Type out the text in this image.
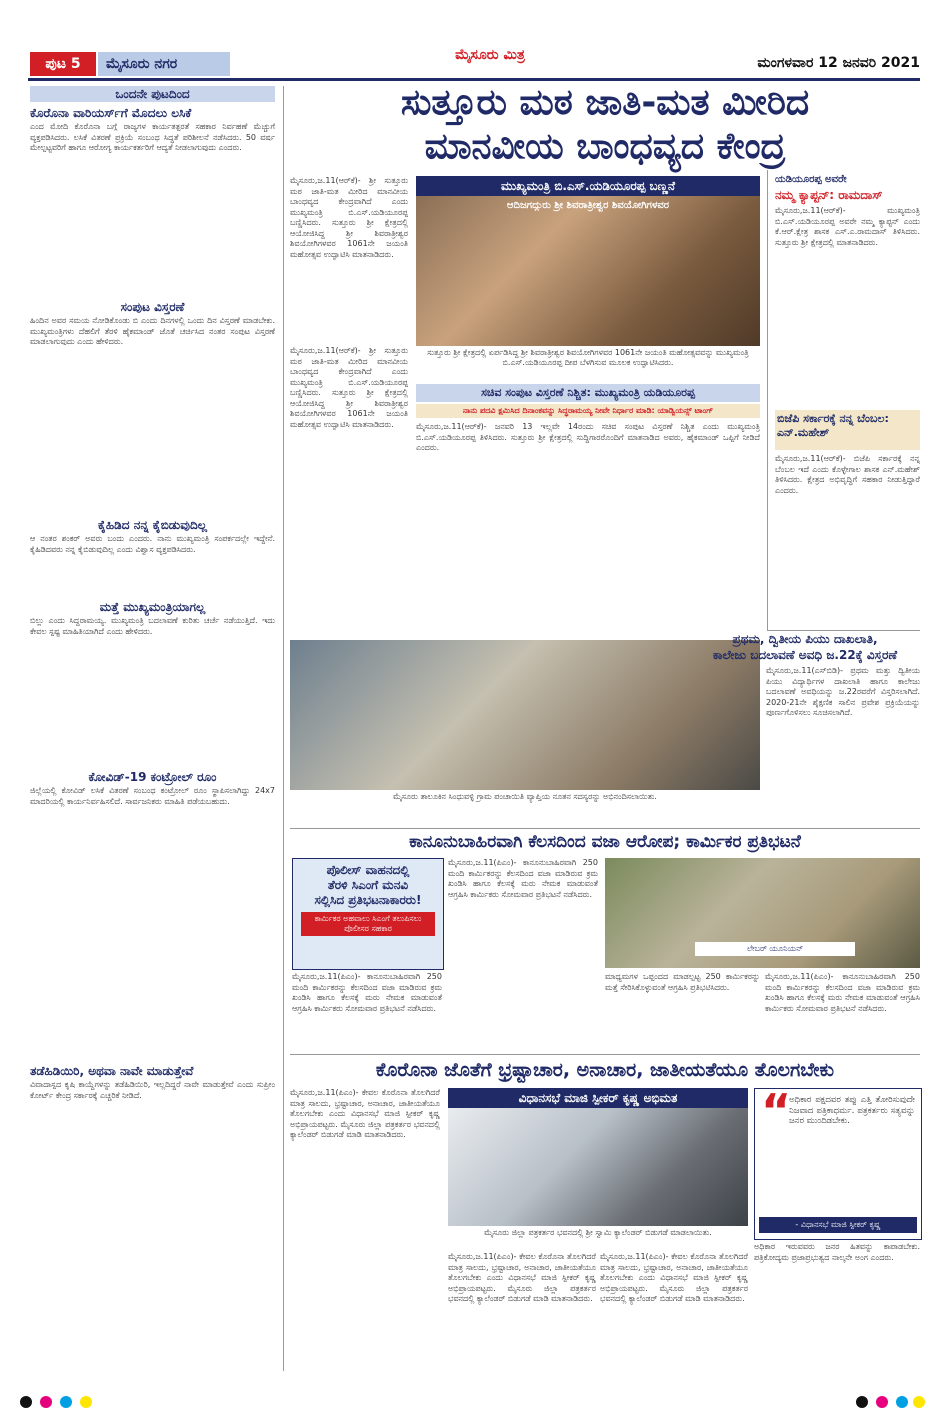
ಪುಟ 5	ಮೈಸೂರು ನಗರ
ಮೈಸೂರು ಮಿತ್ರ	ಮಂಗಳವಾರ 12 ಜನವರಿ 2021
ಒಂದನೇ ಪುಟದಿಂದ
ಕೊರೊನಾ ವಾರಿಯರ್ಸ್‌ಗೆ ಮೊದಲು ಲಸಿಕೆ
ಎಂದ ಮೋದಿ ಕೊರೊನಾ ಬಗ್ಗೆ ರಾಜ್ಯಗಳ ಕಾರ್ಯತತ್ಪರತೆ ಸಹಕಾರ ನಿರ್ವಹಣೆ ಮೆಚ್ಚುಗೆ ವ್ಯಕ್ತಪಡಿಸಿದರು. ಲಸಿಕೆ ವಿತರಣೆ ಪ್ರಕ್ರಿಯೆ ಸಂಬಂಧ ಸಿದ್ಧತೆ ಪರಿಶೀಲನೆ ನಡೆಸಿದರು. 50 ವರ್ಷ ಮೇಲ್ಪಟ್ಟವರಿಗೆ ಹಾಗೂ ಆರೋಗ್ಯ ಕಾರ್ಯಕರ್ತರಿಗೆ ಆದ್ಯತೆ ನೀಡಲಾಗುವುದು ಎಂದರು.
ಸಂಪುಟ ವಿಸ್ತರಣೆ
ಹಿಂದಿನ ಅವರ ಸಮಯ ನೋಡಿಕೊಂಡು ಬಿ ಎಂದು ದಿನಗಳಲ್ಲಿ ಒಂದು ದಿನ ವಿಸ್ತರಣೆ ಮಾಡಬೇಕು. ಮುಖ್ಯಮಂತ್ರಿಗಳು ದೆಹಲಿಗೆ ತೆರಳಿ ಹೈಕಮಾಂಡ್ ಜೊತೆ ಚರ್ಚಿಸಿದ ನಂತರ ಸಂಪುಟ ವಿಸ್ತರಣೆ ಮಾಡಲಾಗುವುದು ಎಂದು ಹೇಳಿದರು.
ಕೈಹಿಡಿದ ನನ್ನ ಕೈಬಿಡುವುದಿಲ್ಲ
ಆ ನಂತರ ಶಂಕರ್ ಅವರು ಬಂದು ಎಂದರು. ನಾನು ಮುಖ್ಯಮಂತ್ರಿ ಸಂಪರ್ಕದಲ್ಲೇ ಇದ್ದೇನೆ. ಕೈಹಿಡಿದವರು ನನ್ನ ಕೈಬಿಡುವುದಿಲ್ಲ ಎಂದು ವಿಶ್ವಾಸ ವ್ಯಕ್ತಪಡಿಸಿದರು.
ಮತ್ತೆ ಮುಖ್ಯಮಂತ್ರಿಯಾಗಲ್ಲ
ಬಿಲ್ಲು ಎಂದು ಸಿದ್ದರಾಮಯ್ಯ. ಮುಖ್ಯಮಂತ್ರಿ ಬದಲಾವಣೆ ಕುರಿತು ಚರ್ಚೆ ನಡೆಯುತ್ತಿದೆ. ಇದು ಕೇವಲ ಸ್ಪಷ್ಟ ಮಾಹಿತಿಯಾಗಿದೆ ಎಂದು ಹೇಳಿದರು.
ಕೋವಿಡ್-19 ಕಂಟ್ರೋಲ್ ರೂಂ
ಜಿಲ್ಲೆಯಲ್ಲಿ ಕೋವಿಡ್ ಲಸಿಕೆ ವಿತರಣೆ ಸಂಬಂಧ ಕಂಟ್ರೋಲ್ ರೂಂ ಸ್ಥಾಪಿಸಲಾಗಿದ್ದು 24x7 ಮಾದರಿಯಲ್ಲಿ ಕಾರ್ಯನಿರ್ವಹಿಸಲಿದೆ. ಸಾರ್ವಜನಿಕರು ಮಾಹಿತಿ ಪಡೆಯಬಹುದು.
ತಡೆಹಿಡಿಯಿರಿ, ಅಥವಾ ನಾವೇ ಮಾಡುತ್ತೇವೆ
ವಿವಾದಾಸ್ಪದ ಕೃಷಿ ಕಾಯ್ದೆಗಳನ್ನು ತಡೆಹಿಡಿಯಿರಿ, ಇಲ್ಲದಿದ್ದರೆ ನಾವೇ ಮಾಡುತ್ತೇವೆ ಎಂದು ಸುಪ್ರೀಂ ಕೋರ್ಟ್ ಕೇಂದ್ರ ಸರ್ಕಾರಕ್ಕೆ ಎಚ್ಚರಿಕೆ ನೀಡಿದೆ.
ಸುತ್ತೂರು ಮಠ ಜಾತಿ-ಮತ ಮೀರಿದ
ಮಾನವೀಯ ಬಾಂಧವ್ಯದ ಕೇಂದ್ರ
ಮೈಸೂರು,ಜ.11(ಆರ್‌ಕೆ)- ಶ್ರೀ ಸುತ್ತೂರು ಮಠ ಜಾತಿ-ಮತ ಮೀರಿದ ಮಾನವೀಯ ಬಾಂಧವ್ಯದ ಕೇಂದ್ರವಾಗಿದೆ ಎಂದು ಮುಖ್ಯಮಂತ್ರಿ ಬಿ.ಎಸ್.ಯಡಿಯೂರಪ್ಪ ಬಣ್ಣಿಸಿದರು. ಸುತ್ತೂರು ಶ್ರೀ ಕ್ಷೇತ್ರದಲ್ಲಿ ಆಯೋಜಿಸಿದ್ದ ಶ್ರೀ ಶಿವರಾತ್ರೀಶ್ವರ ಶಿವಯೋಗಿಗಳವರ 1061ನೇ ಜಯಂತಿ ಮಹೋತ್ಸವ ಉದ್ಘಾಟಿಸಿ ಮಾತನಾಡಿದರು.
ಮುಖ್ಯಮಂತ್ರಿ ಬಿ.ಎಸ್.ಯಡಿಯೂರಪ್ಪ ಬಣ್ಣನೆ
ಆದಿಜಗದ್ಗುರು ಶ್ರೀ ಶಿವರಾತ್ರೀಶ್ವರ ಶಿವಯೋಗಿಗಳವರ
ಸುತ್ತೂರು ಶ್ರೀ ಕ್ಷೇತ್ರದಲ್ಲಿ ಏರ್ಪಡಿಸಿದ್ದ ಶ್ರೀ ಶಿವರಾತ್ರೀಶ್ವರ ಶಿವಯೋಗಿಗಳವರ 1061ನೇ ಜಯಂತಿ ಮಹೋತ್ಸವವನ್ನು ಮುಖ್ಯಮಂತ್ರಿ ಬಿ.ಎಸ್.ಯಡಿಯೂರಪ್ಪ ದೀಪ ಬೆಳಗಿಸುವ ಮೂಲಕ ಉದ್ಘಾಟಿಸಿದರು.
ಸಚಿವ ಸಂಪುಟ ವಿಸ್ತರಣೆ ನಿಶ್ಚಿತ: ಮುಖ್ಯಮಂತ್ರಿ ಯಡಿಯೂರಪ್ಪ
ನಾನು ಪದವಿ ಕ್ಷಮಿಸಿದ ದಿನಾಂಕವನ್ನು ಸಿದ್ಧರಾಮಯ್ಯ ನೀವೇ ನಿರ್ಧಾರ ಮಾಡಿ: ಯಾಡ್ವಿಯನ್ಸ್ ಟಾಂಗ್
ಮೈಸೂರು,ಜ.11(ಆರ್‌ಕೆ)- ಜನವರಿ 13 ಇಲ್ಲವೇ 14ರಂದು ಸಚಿವ ಸಂಪುಟ ವಿಸ್ತರಣೆ ನಿಶ್ಚಿತ ಎಂದು ಮುಖ್ಯಮಂತ್ರಿ ಬಿ.ಎಸ್.ಯಡಿಯೂರಪ್ಪ ತಿಳಿಸಿದರು. ಸುತ್ತೂರು ಶ್ರೀ ಕ್ಷೇತ್ರದಲ್ಲಿ ಸುದ್ದಿಗಾರರೊಂದಿಗೆ ಮಾತನಾಡಿದ ಅವರು, ಹೈಕಮಾಂಡ್ ಒಪ್ಪಿಗೆ ನೀಡಿದೆ ಎಂದರು.
ಮೈಸೂರು,ಜ.11(ಆರ್‌ಕೆ)- ಶ್ರೀ ಸುತ್ತೂರು ಮಠ ಜಾತಿ-ಮತ ಮೀರಿದ ಮಾನವೀಯ ಬಾಂಧವ್ಯದ ಕೇಂದ್ರವಾಗಿದೆ ಎಂದು ಮುಖ್ಯಮಂತ್ರಿ ಬಿ.ಎಸ್.ಯಡಿಯೂರಪ್ಪ ಬಣ್ಣಿಸಿದರು. ಸುತ್ತೂರು ಶ್ರೀ ಕ್ಷೇತ್ರದಲ್ಲಿ ಆಯೋಜಿಸಿದ್ದ ಶ್ರೀ ಶಿವರಾತ್ರೀಶ್ವರ ಶಿವಯೋಗಿಗಳವರ 1061ನೇ ಜಯಂತಿ ಮಹೋತ್ಸವ ಉದ್ಘಾಟಿಸಿ ಮಾತನಾಡಿದರು.
ಮೈಸೂರು ತಾಲೂಕಿನ ಸಿಂಧುವಳ್ಳಿ ಗ್ರಾಮ ಪಂಚಾಯಿತಿ ವ್ಯಾಪ್ತಿಯ ನೂತನ ಸದಸ್ಯರನ್ನು ಅಭಿನಂದಿಸಲಾಯಿತು.
ಯಡಿಯೂರಪ್ಪ ಅವರೇ
ನಮ್ಮ ಕ್ಯಾಪ್ಟನ್: ರಾಮದಾಸ್
ಮೈಸೂರು,ಜ.11(ಆರ್‌ಕೆ)- ಮುಖ್ಯಮಂತ್ರಿ ಬಿ.ಎಸ್.ಯಡಿಯೂರಪ್ಪ ಅವರೇ ನಮ್ಮ ಕ್ಯಾಪ್ಟನ್ ಎಂದು ಕೆ.ಆರ್.ಕ್ಷೇತ್ರ ಶಾಸಕ ಎಸ್.ಎ.ರಾಮದಾಸ್ ತಿಳಿಸಿದರು. ಸುತ್ತೂರು ಶ್ರೀ ಕ್ಷೇತ್ರದಲ್ಲಿ ಮಾತನಾಡಿದರು.
ಬಿಜೆಪಿ ಸರ್ಕಾರಕ್ಕೆ ನನ್ನ ಬೆಂಬಲ: ಎನ್.ಮಹೇಶ್
ಮೈಸೂರು,ಜ.11(ಆರ್‌ಕೆ)- ಬಿಜೆಪಿ ಸರ್ಕಾರಕ್ಕೆ ನನ್ನ ಬೆಂಬಲ ಇದೆ ಎಂದು ಕೊಳ್ಳೇಗಾಲ ಶಾಸಕ ಎನ್.ಮಹೇಶ್ ತಿಳಿಸಿದರು. ಕ್ಷೇತ್ರದ ಅಭಿವೃದ್ಧಿಗೆ ಸಹಕಾರ ನೀಡುತ್ತಿದ್ದಾರೆ ಎಂದರು.
ಪ್ರಥಮ, ದ್ವಿತೀಯ ಪಿಯು ದಾಖಲಾತಿ,
ಕಾಲೇಜು ಬದಲಾವಣೆ ಅವಧಿ ಜ.22ಕ್ಕೆ ವಿಸ್ತರಣೆ
ಮೈಸೂರು,ಜ.11(ಎಸ್‌ಬಿಡಿ)- ಪ್ರಥಮ ಮತ್ತು ದ್ವಿತೀಯ ಪಿಯು ವಿದ್ಯಾರ್ಥಿಗಳ ದಾಖಲಾತಿ ಹಾಗೂ ಕಾಲೇಜು ಬದಲಾವಣೆ ಅವಧಿಯನ್ನು ಜ.22ರವರೆಗೆ ವಿಸ್ತರಿಸಲಾಗಿದೆ. 2020-21ನೇ ಶೈಕ್ಷಣಿಕ ಸಾಲಿನ ಪ್ರವೇಶ ಪ್ರಕ್ರಿಯೆಯನ್ನು ಪೂರ್ಣಗೊಳಿಸಲು ಸೂಚಿಸಲಾಗಿದೆ.
ಕಾನೂನುಬಾಹಿರವಾಗಿ ಕೆಲಸದಿಂದ ವಜಾ ಆರೋಪ; ಕಾರ್ಮಿಕರ ಪ್ರತಿಭಟನೆ
ಪೊಲೀಸ್ ವಾಹನದಲ್ಲಿ
ತೆರಳಿ ಸಿಎಂಗೆ ಮನವಿ
ಸಲ್ಲಿಸಿದ ಪ್ರತಿಭಟನಾಕಾರರು!
ಕಾರ್ಮಿಕರ ಅಹವಾಲು ಸಿಎಂಗೆ ತಲುಪಿಸಲು ಪೊಲೀಸರ ಸಹಕಾರ
ಮೈಸೂರು,ಜ.11(ಪಿಎಂ)- ಕಾನೂನುಬಾಹಿರವಾಗಿ 250 ಮಂದಿ ಕಾರ್ಮಿಕರನ್ನು ಕೆಲಸದಿಂದ ವಜಾ ಮಾಡಿರುವ ಕ್ರಮ ಖಂಡಿಸಿ ಹಾಗೂ ಕೆಲಸಕ್ಕೆ ಮರು ನೇಮಕ ಮಾಡುವಂತೆ ಆಗ್ರಹಿಸಿ ಕಾರ್ಮಿಕರು ಸೋಮವಾರ ಪ್ರತಿಭಟನೆ ನಡೆಸಿದರು.
ಮೈಸೂರು,ಜ.11(ಪಿಎಂ)- ಕಾನೂನುಬಾಹಿರವಾಗಿ 250 ಮಂದಿ ಕಾರ್ಮಿಕರನ್ನು ಕೆಲಸದಿಂದ ವಜಾ ಮಾಡಿರುವ ಕ್ರಮ ಖಂಡಿಸಿ ಹಾಗೂ ಕೆಲಸಕ್ಕೆ ಮರು ನೇಮಕ ಮಾಡುವಂತೆ ಆಗ್ರಹಿಸಿ ಕಾರ್ಮಿಕರು ಸೋಮವಾರ ಪ್ರತಿಭಟನೆ ನಡೆಸಿದರು.
ಲೇಬರ್ ಯೂನಿಯನ್
ಮಾಧ್ಯಮಗಳ ಒಪ್ಪಂದದ ಮಾಡಲ್ಪಟ್ಟ 250 ಕಾರ್ಮಿಕರನ್ನು ಮತ್ತೆ ಸೇರಿಸಿಕೊಳ್ಳುವಂತೆ ಆಗ್ರಹಿಸಿ ಪ್ರತಿಭಟಿಸಿದರು.
ಮೈಸೂರು,ಜ.11(ಪಿಎಂ)- ಕಾನೂನುಬಾಹಿರವಾಗಿ 250 ಮಂದಿ ಕಾರ್ಮಿಕರನ್ನು ಕೆಲಸದಿಂದ ವಜಾ ಮಾಡಿರುವ ಕ್ರಮ ಖಂಡಿಸಿ ಹಾಗೂ ಕೆಲಸಕ್ಕೆ ಮರು ನೇಮಕ ಮಾಡುವಂತೆ ಆಗ್ರಹಿಸಿ ಕಾರ್ಮಿಕರು ಸೋಮವಾರ ಪ್ರತಿಭಟನೆ ನಡೆಸಿದರು.
ಕೊರೊನಾ ಜೊತೆಗೆ ಭ್ರಷ್ಟಾಚಾರ, ಅನಾಚಾರ, ಜಾತೀಯತೆಯೂ ತೊಲಗಬೇಕು
ಮೈಸೂರು,ಜ.11(ಪಿಎಂ)- ಕೇವಲ ಕೊರೊನಾ ತೊಲಗಿದರೆ ಮಾತ್ರ ಸಾಲದು, ಭ್ರಷ್ಟಾಚಾರ, ಅನಾಚಾರ, ಜಾತೀಯತೆಯೂ ತೊಲಗಬೇಕು ಎಂದು ವಿಧಾನಸಭೆ ಮಾಜಿ ಸ್ಪೀಕರ್ ಕೃಷ್ಣ ಅಭಿಪ್ರಾಯಪಟ್ಟರು. ಮೈಸೂರು ಜಿಲ್ಲಾ ಪತ್ರಕರ್ತರ ಭವನದಲ್ಲಿ ಕ್ಯಾಲೆಂಡರ್ ಬಿಡುಗಡೆ ಮಾಡಿ ಮಾತನಾಡಿದರು.
ವಿಧಾನಸಭೆ ಮಾಜಿ ಸ್ಪೀಕರ್ ಕೃಷ್ಣ ಅಭಿಮತ
ಮೈಸೂರು ಜಿಲ್ಲಾ ಪತ್ರಕರ್ತರ ಭವನದಲ್ಲಿ ಶ್ರೀ ಸ್ವಾಮಿ ಕ್ಯಾಲೆಂಡರ್ ಬಿಡುಗಡೆ ಮಾಡಲಾಯಿತು.
ಮೈಸೂರು,ಜ.11(ಪಿಎಂ)- ಕೇವಲ ಕೊರೊನಾ ತೊಲಗಿದರೆ ಮಾತ್ರ ಸಾಲದು, ಭ್ರಷ್ಟಾಚಾರ, ಅನಾಚಾರ, ಜಾತೀಯತೆಯೂ ತೊಲಗಬೇಕು ಎಂದು ವಿಧಾನಸಭೆ ಮಾಜಿ ಸ್ಪೀಕರ್ ಕೃಷ್ಣ ಅಭಿಪ್ರಾಯಪಟ್ಟರು. ಮೈಸೂರು ಜಿಲ್ಲಾ ಪತ್ರಕರ್ತರ ಭವನದಲ್ಲಿ ಕ್ಯಾಲೆಂಡರ್ ಬಿಡುಗಡೆ ಮಾಡಿ ಮಾತನಾಡಿದರು.
ಮೈಸೂರು,ಜ.11(ಪಿಎಂ)- ಕೇವಲ ಕೊರೊನಾ ತೊಲಗಿದರೆ ಮಾತ್ರ ಸಾಲದು, ಭ್ರಷ್ಟಾಚಾರ, ಅನಾಚಾರ, ಜಾತೀಯತೆಯೂ ತೊಲಗಬೇಕು ಎಂದು ವಿಧಾನಸಭೆ ಮಾಜಿ ಸ್ಪೀಕರ್ ಕೃಷ್ಣ ಅಭಿಪ್ರಾಯಪಟ್ಟರು. ಮೈಸೂರು ಜಿಲ್ಲಾ ಪತ್ರಕರ್ತರ ಭವನದಲ್ಲಿ ಕ್ಯಾಲೆಂಡರ್ ಬಿಡುಗಡೆ ಮಾಡಿ ಮಾತನಾಡಿದರು.
“
ಅಧಿಕಾರ ಪಕ್ಷದವರ ತಪ್ಪು ಎತ್ತಿ ತೋರಿಸುವುದೇ ನಿಜವಾದ ಪತ್ರಿಕಾಧರ್ಮ. ಪತ್ರಕರ್ತರು ಸತ್ಯವನ್ನು ಜನರ ಮುಂದಿಡಬೇಕು.
- ವಿಧಾನಸಭೆ ಮಾಜಿ ಸ್ಪೀಕರ್ ಕೃಷ್ಣ
ಅಧಿಕಾರ ಇರುವವರು ಜನರ ಹಿತವನ್ನು ಕಾಪಾಡಬೇಕು. ಪತ್ರಿಕೋದ್ಯಮ ಪ್ರಜಾಪ್ರಭುತ್ವದ ನಾಲ್ಕನೇ ಅಂಗ ಎಂದರು.
